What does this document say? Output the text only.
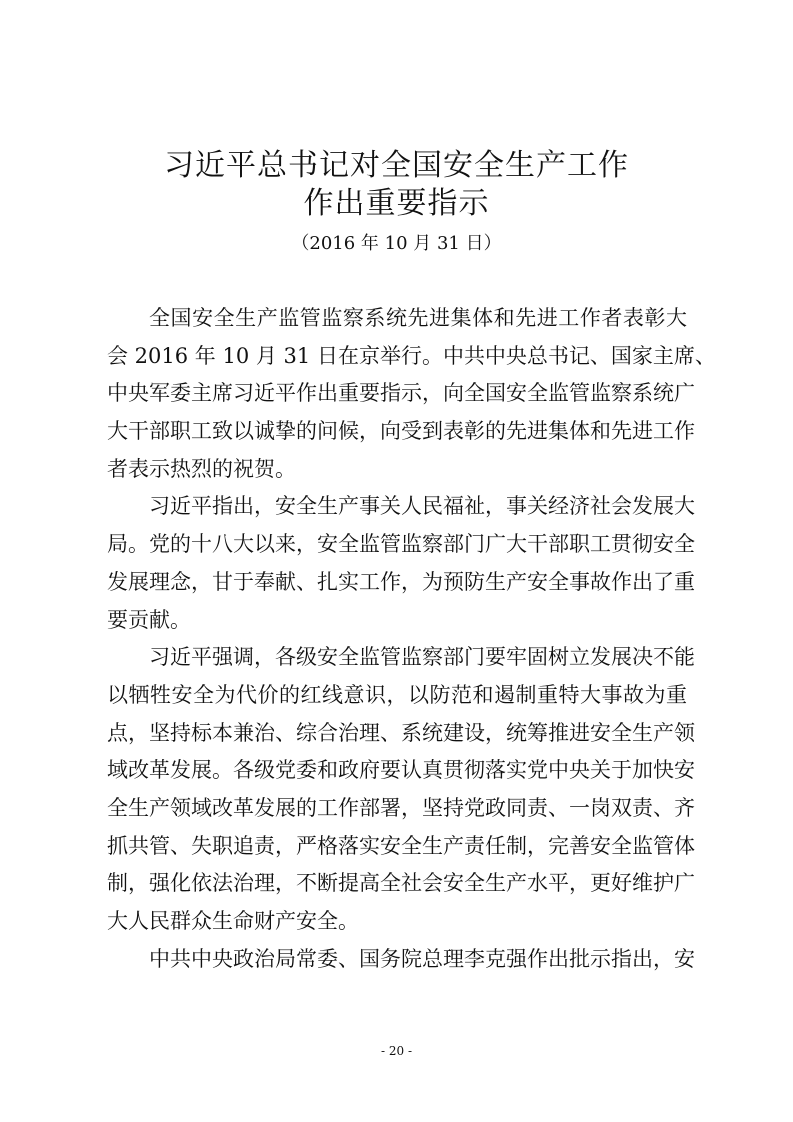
习近平总书记对全国安全生产工作
作出重要指示
（2016 年 10 月 31 日）
全国安全生产监管监察系统先进集体和先进工作者表彰大
会 2016 年 10 月 31 日在京举行。中共中央总书记、国家主席、
中央军委主席习近平作出重要指示，向全国安全监管监察系统广
大干部职工致以诚挚的问候，向受到表彰的先进集体和先进工作
者表示热烈的祝贺。
习近平指出，安全生产事关人民福祉，事关经济社会发展大
局。党的十八大以来，安全监管监察部门广大干部职工贯彻安全
发展理念，甘于奉献、扎实工作，为预防生产安全事故作出了重
要贡献。
习近平强调，各级安全监管监察部门要牢固树立发展决不能
以牺牲安全为代价的红线意识，以防范和遏制重特大事故为重
点，坚持标本兼治、综合治理、系统建设，统筹推进安全生产领
域改革发展。各级党委和政府要认真贯彻落实党中央关于加快安
全生产领域改革发展的工作部署，坚持党政同责、一岗双责、齐
抓共管、失职追责，严格落实安全生产责任制，完善安全监管体
制，强化依法治理，不断提高全社会安全生产水平，更好维护广
大人民群众生命财产安全。
中共中央政治局常委、国务院总理李克强作出批示指出，安
- 20 -
